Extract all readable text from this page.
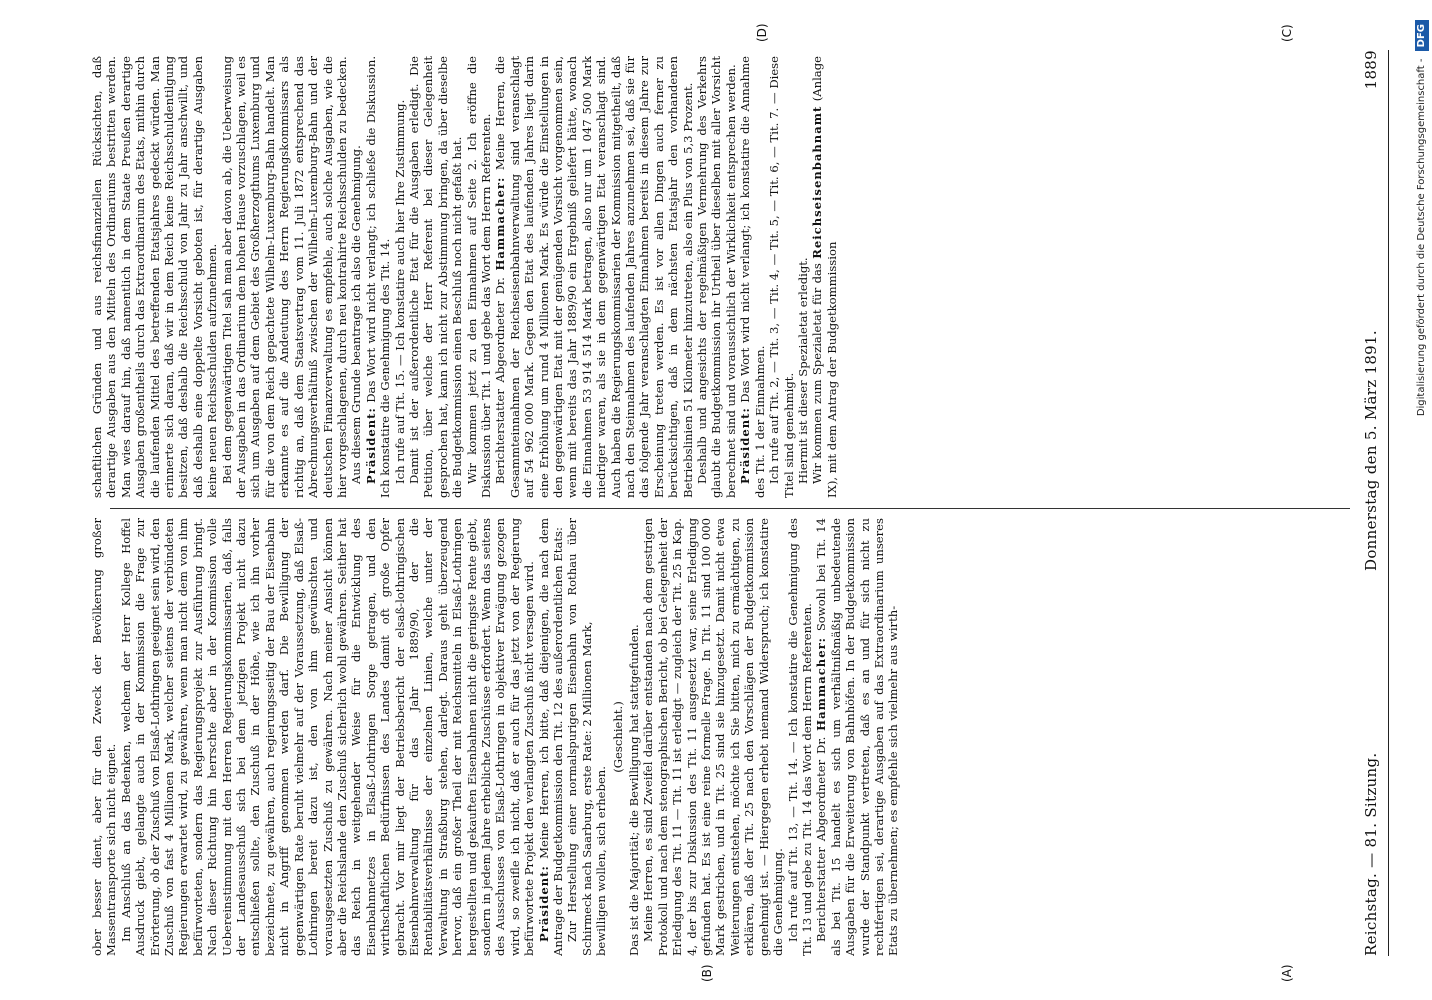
Reichstag. — 81. Sitzung.
Donnerstag den 5. März 1891.
1889
(A)
(B)
(C)
(D)

ober besser dient, aber für den Zweck der Bevölkerung großer Massentransporte sich nicht eignet. Im Anschluß an das Bedenken, welchem der Herr Kollege Hoffel Ausdruck giebt, gelangte auch in der Kommission die Frage zur Erörterung, ob der Zuschuß von Elsaß-Lothringen geeignet sein wird, den Zuschuß von fast 4 Millionen Mark, welcher seitens der verbündeten Regierungen erwartet wird, zu gewähren, wenn man nicht dem von ihm befürworteten, sondern das Regierungsprojekt zur Ausführung bringt. Nach dieser Richtung hin herrschte aber in der Kommission volle Uebereinstimmung mit den Herren Regierungskommissarien, daß, falls der Landesausschuß sich bei dem jetzigen Projekt nicht dazu entschließen sollte, den Zuschuß in der Höhe, wie ich ihn vorher bezeichnete, zu gewähren, auch regierungsseitig der Bau der Eisenbahn nicht in Angriff genommen werden darf. Die Bewilligung der gegenwärtigen Rate beruht vielmehr auf der Voraussetzung, daß Elsaß-Lothringen bereit dazu ist, den von ihm gewünschten und vorausgesetzten Zuschuß zu gewähren. Nach meiner Ansicht können aber die Reichslande den Zuschuß sicherlich wohl gewähren. Seither hat das Reich in weitgehender Weise für die Entwicklung des Eisenbahnnetzes in Elsaß-Lothringen Sorge getragen, und den wirthschaftlichen Bedürfnissen des Landes damit oft große Opfer gebracht. Vor mir liegt der Betriebsbericht der elsaß-lothringischen Eisenbahnverwaltung für das Jahr 1889/90, der die Rentabilitätsverhältnisse der einzelnen Linien, welche unter der Verwaltung in Straßburg stehen, darlegt. Daraus geht überzeugend hervor, daß ein großer Theil der mit Reichsmitteln in Elsaß-Lothringen hergestellten und gekauften Eisenbahnen nicht die geringste Rente giebt, sondern in jedem Jahre erhebliche Zuschüsse erfordert. Wenn das seitens des Ausschusses von Elsaß-Lothringen in objektiver Erwägung gezogen wird, so zweifle ich nicht, daß er auch für das jetzt von der Regierung befürwortete Projekt den verlangten Zuschuß nicht versagen wird. Präsident: Meine Herren, ich bitte, daß diejenigen, die nach dem Antrage der Budgetkommission den Tit. 12 des außerordentlichen Etats: Zur Herstellung einer normalspurigen Eisenbahn von Rothau über Schirmeck nach Saarburg, erste Rate: 2 Millionen Mark, bewilligen wollen, sich erheben.

(Geschieht.) Das ist die Majorität; die Bewilligung hat stattgefunden. Meine Herren, es sind Zweifel darüber entstanden nach dem gestrigen Protokoll und nach dem stenographischen Bericht, ob bei Gelegenheit der Erledigung des Tit. 11 — Tit. 11 ist erledigt — zugleich der Tit. 25 in Kap. 4, der bis zur Diskussion des Tit. 11 ausgesetzt war, seine Erledigung gefunden hat. Es ist eine reine formelle Frage. In Tit. 11 sind 100 000 Mark gestrichen, und in Tit. 25 sind sie hinzugesetzt. Damit nicht etwa Weiterungen entstehen, möchte ich Sie bitten, mich zu ermächtigen, zu erklären, daß der Tit. 25 nach den Vorschlägen der Budgetkommission genehmigt ist. — Hiergegen erhebt niemand Widerspruch; ich konstatire die Genehmigung. Ich rufe auf Tit. 13, — Tit. 14. — Ich konstatire die Genehmigung des Tit. 13 und gebe zu Tit. 14 das Wort dem Herrn Referenten. Berichterstatter Abgeordneter Dr. Hammacher: Sowohl bei Tit. 14 als bei Tit. 15 handelt es sich um verhältnißmäßig unbedeutende Ausgaben für die Erweiterung von Bahnhöfen. In der Budgetkommission wurde der Standpunkt vertreten, daß es an und für sich nicht zu rechtfertigen sei, derartige Ausgaben auf das Extraordinarium unseres Etats zu übernehmen; es empfehle sich vielmehr aus wirth-

schaftlichen Gründen und aus reichsfinanziellen Rücksichten, daß derartige Ausgaben aus den Mitteln des Ordinariums bestritten werden. Man wies darauf hin, daß namentlich in dem Staate Preußen derartige Ausgaben großentheils durch das Extraordinarium des Etats, mithin durch die laufenden Mittel des betreffenden Etatsjahres gedeckt würden. Man erinnerte sich daran, daß wir in dem Reich keine Reichsschuldentilgung besitzen, daß deshalb die Reichsschuld von Jahr zu Jahr anschwillt, und daß deshalb eine doppelte Vorsicht geboten ist, für derartige Ausgaben keine neuen Reichsschulden aufzunehmen. Bei dem gegenwärtigen Titel sah man aber davon ab, die Ueberweisung der Ausgaben in das Ordinarium dem hohen Hause vorzuschlagen, weil es sich um Ausgaben auf dem Gebiet des Großherzogthums Luxemburg und für die von dem Reich gepachtete Wilhelm-Luxemburg-Bahn handelt. Man erkannte es auf die Andeutung des Herrn Regierungskommissars als richtig an, daß dem Staatsvertrag vom 11. Juli 1872 entsprechend das Abrechnungsverhältniß zwischen der Wilhelm-Luxemburg-Bahn und der deutschen Finanzverwaltung es empfehle, auch solche Ausgaben, wie die hier vorgeschlagenen, durch neu kontrahirte Reichsschulden zu bedecken. Aus diesem Grunde beantrage ich also die Genehmigung. Präsident: Das Wort wird nicht verlangt; ich schließe die Diskussion. Ich konstatire die Genehmigung des Tit. 14. Ich rufe auf Tit. 15. — Ich konstatire auch hier Ihre Zustimmung. Damit ist der außerordentliche Etat für die Ausgaben erledigt. Die Petition, über welche der Herr Referent bei dieser Gelegenheit gesprochen hat, kann ich nicht zur Abstimmung bringen, da über dieselbe die Budgetkommission einen Beschluß noch nicht gefaßt hat. Wir kommen jetzt zu den Einnahmen auf Seite 2. Ich eröffne die Diskussion über Tit. 1 und gebe das Wort dem Herrn Referenten. Berichterstatter Abgeordneter Dr. Hammacher: Meine Herren, die Gesammteinnahmen der Reichseisenbahnverwaltung sind veranschlagt auf 54 962 000 Mark. Gegen den Etat des laufenden Jahres liegt darin eine Erhöhung um rund 4 Millionen Mark. Es würde die Einstellungen in den gegenwärtigen Etat mit der genügenden Vorsicht vorgenommen sein, wenn mit bereits das Jahr 1889/90 ein Ergebniß geliefert hätte, wonach die Einnahmen 53 914 514 Mark betragen, also nur um 1 047 500 Mark niedriger waren, als sie in dem gegenwärtigen Etat veranschlagt sind. Auch haben die Regierungskommissarien der Kommission mitgetheilt, daß nach den Steinnahmen des laufenden Jahres anzunehmen sei, daß sie für das folgende Jahr veranschlagten Einnahmen bereits in diesem Jahre zur Erscheinung treten werden. Es ist vor allen Dingen auch ferner zu berücksichtigen, daß in dem nächsten Etatsjahr den vorhandenen Betriebslinien 51 Kilometer hinzutreten, also ein Plus von 5,3 Prozent. Deshalb und angesichts der regelmäßigen Vermehrung des Verkehrs glaubt die Budgetkommission ihr Urtheil über dieselben mit aller Vorsicht berechnet sind und voraussichtlich der Wirklichkeit entsprechen werden. Präsident: Das Wort wird nicht verlangt; ich konstatire die Annahme des Tit. 1 der Einnahmen. Ich rufe auf Tit. 2, — Tit. 3, — Tit. 4, — Tit. 5, — Tit. 6, — Tit. 7. — Diese Titel sind genehmigt. Hiermit ist dieser Spezialetat erledigt. Wir kommen zum Spezialetat für das Reichseisenbahnamt (Anlage IX), mit dem Antrag der Budgetkommission	Digitalisierung gefördert durch die Deutsche Forschungsgemeinschaft - DFG
